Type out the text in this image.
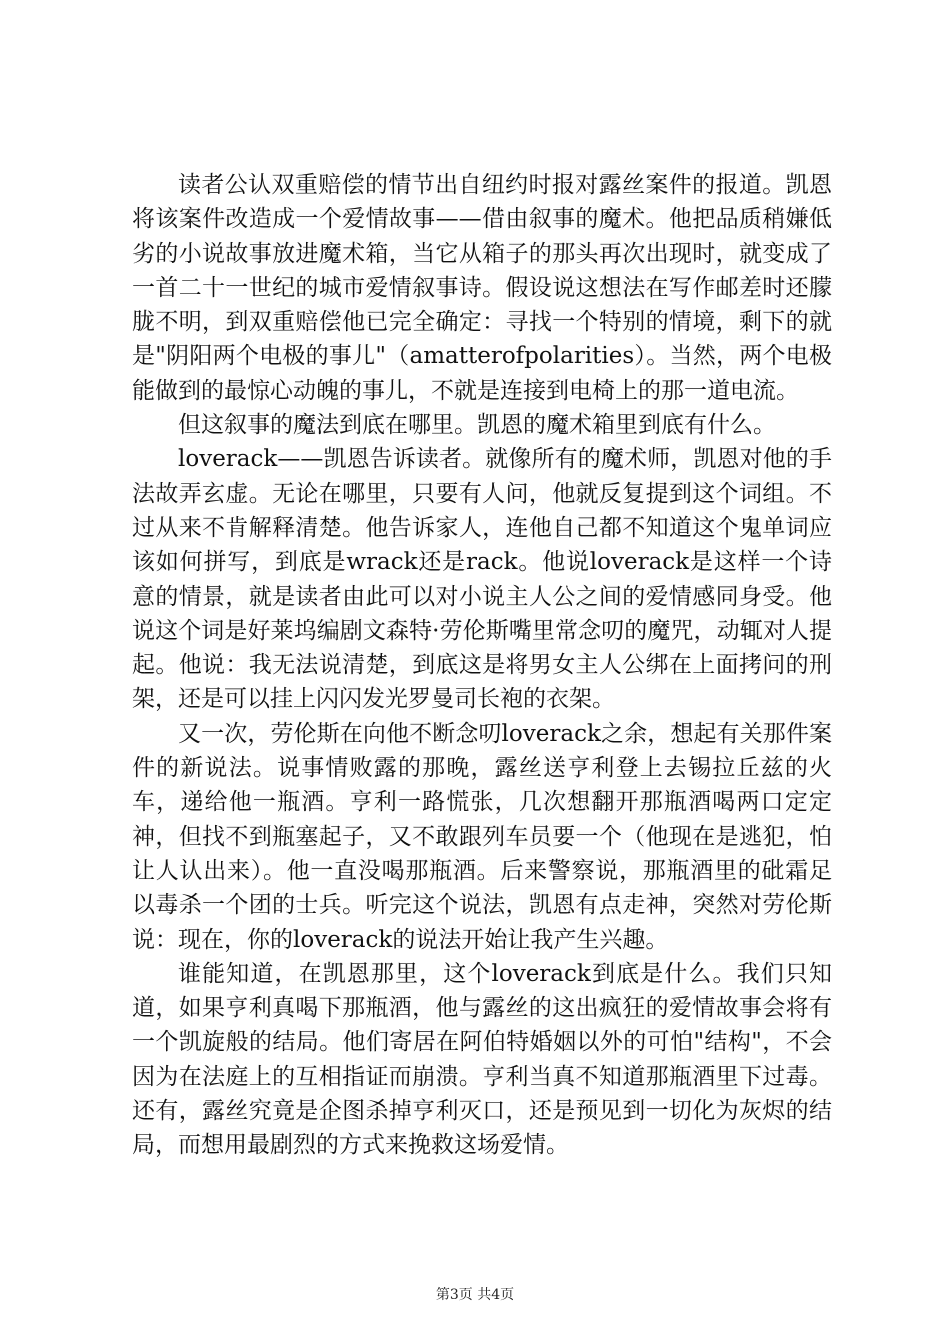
读者公认双重赔偿的情节出自纽约时报对露丝案件的报道。凯恩将该案件改造成一个爱情故事——借由叙事的魔术。他把品质稍嫌低劣的小说故事放进魔术箱，当它从箱子的那头再次出现时，就变成了一首二十一世纪的城市爱情叙事诗。假设说这想法在写作邮差时还朦胧不明，到双重赔偿他已完全确定：寻找一个特别的情境，剩下的就是"阴阳两个电极的事儿"（amatterofpolarities）。当然，两个电极能做到的最惊心动魄的事儿，不就是连接到电椅上的那一道电流。

但这叙事的魔法到底在哪里。凯恩的魔术箱里到底有什么。

loverack——凯恩告诉读者。就像所有的魔术师，凯恩对他的手法故弄玄虚。无论在哪里，只要有人问，他就反复提到这个词组。不过从来不肯解释清楚。他告诉家人，连他自己都不知道这个鬼单词应该如何拼写，到底是wrack还是rack。他说loverack是这样一个诗意的情景，就是读者由此可以对小说主人公之间的爱情感同身受。他说这个词是好莱坞编剧文森特·劳伦斯嘴里常念叨的魔咒，动辄对人提起。他说：我无法说清楚，到底这是将男女主人公绑在上面拷问的刑架，还是可以挂上闪闪发光罗曼司长袍的衣架。

又一次，劳伦斯在向他不断念叨loverack之余，想起有关那件案件的新说法。说事情败露的那晚，露丝送亨利登上去锡拉丘兹的火车，递给他一瓶酒。亨利一路慌张，几次想翻开那瓶酒喝两口定定神，但找不到瓶塞起子，又不敢跟列车员要一个（他现在是逃犯，怕让人认出来）。他一直没喝那瓶酒。后来警察说，那瓶酒里的砒霜足以毒杀一个团的士兵。听完这个说法，凯恩有点走神，突然对劳伦斯说：现在，你的loverack的说法开始让我产生兴趣。

谁能知道，在凯恩那里，这个loverack到底是什么。我们只知道，如果亨利真喝下那瓶酒，他与露丝的这出疯狂的爱情故事会将有一个凯旋般的结局。他们寄居在阿伯特婚姻以外的可怕"结构"，不会因为在法庭上的互相指证而崩溃。亨利当真不知道那瓶酒里下过毒。还有，露丝究竟是企图杀掉亨利灭口，还是预见到一切化为灰烬的结局，而想用最剧烈的方式来挽救这场爱情。

第3页 共4页
